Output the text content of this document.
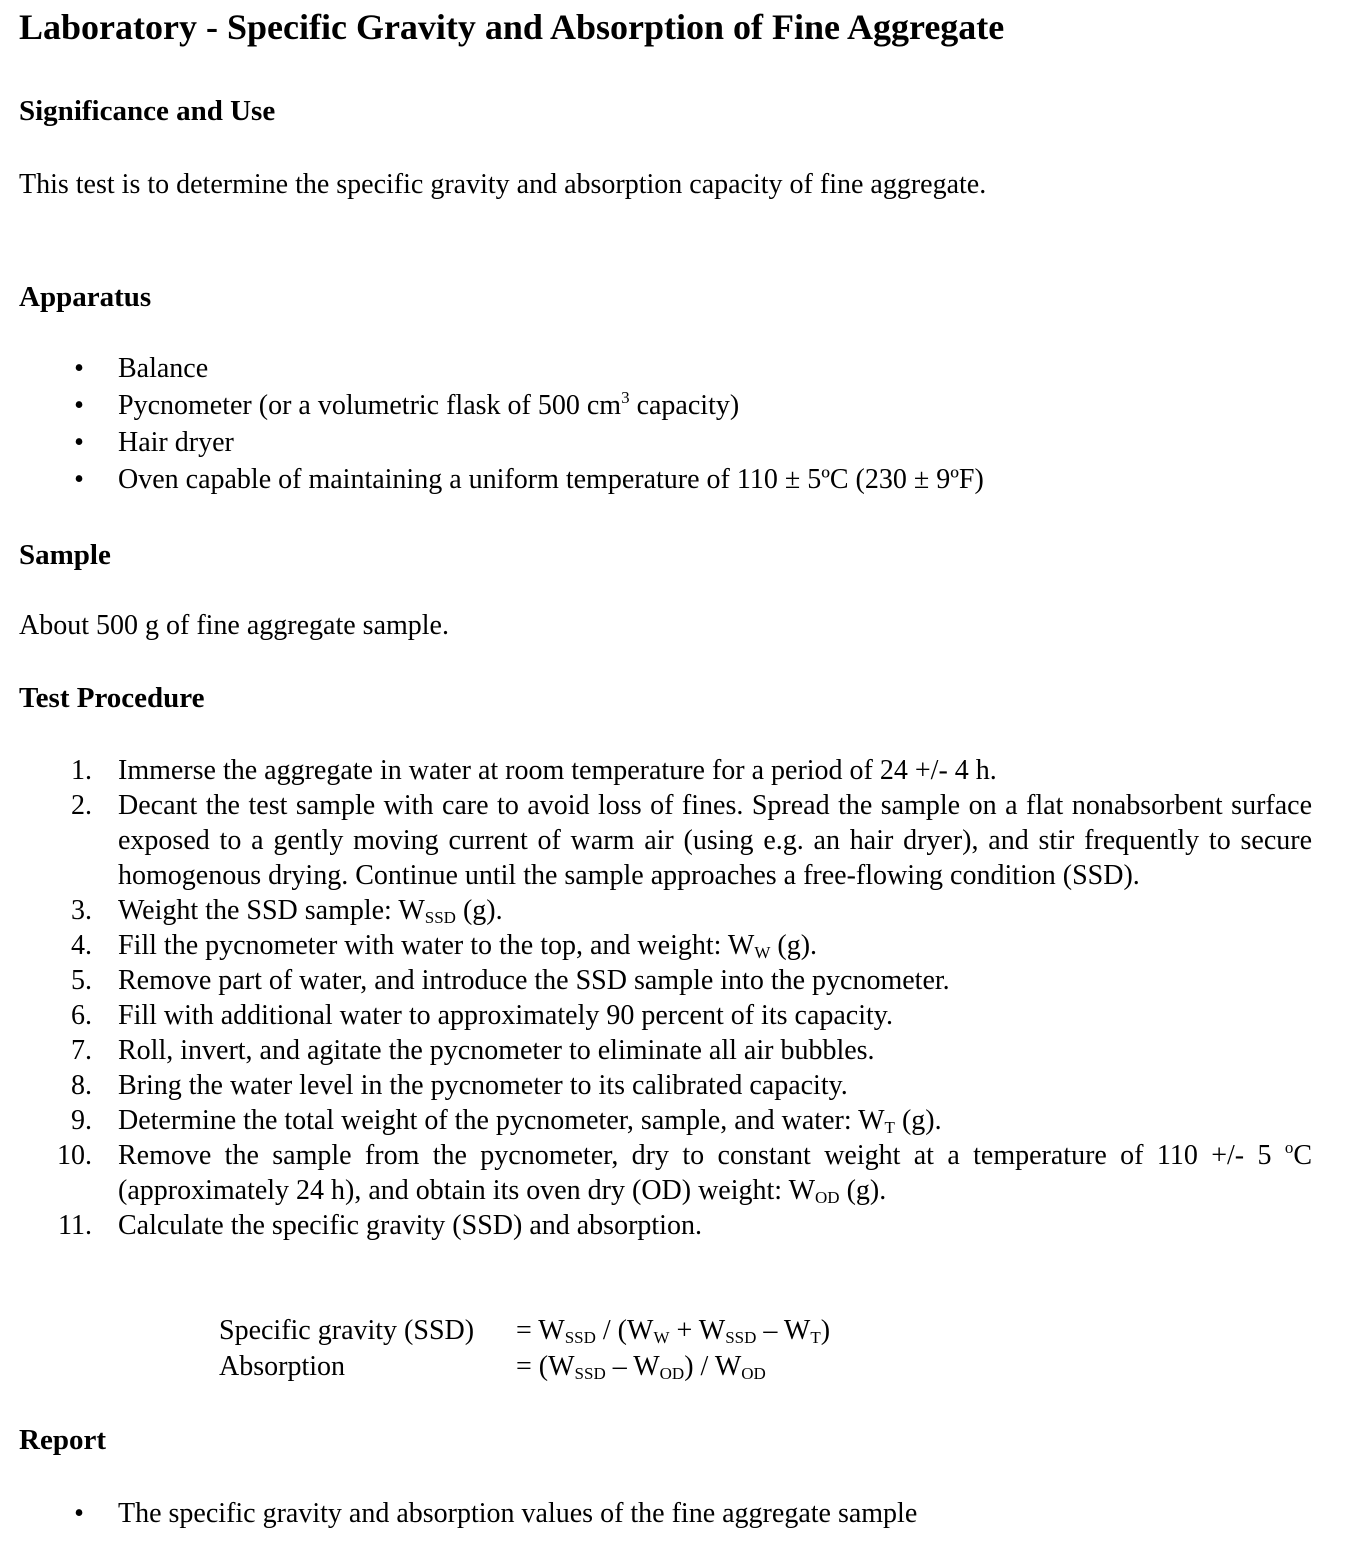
Laboratory - Specific Gravity and Absorption of Fine Aggregate
Significance and Use

This test is to determine the specific gravity and absorption capacity of fine aggregate.

Apparatus
• Balance
• Pycnometer (or a volumetric flask of 500 $cm^3$ capacity)
• Hair dryer
• Oven capable of maintaining a uniform temperature of 110 ± 5ºC (230 ± 9ºF)
Sample

About 500 g of fine aggregate sample.

Test Procedure
1. Immerse the aggregate in water at room temperature for a period of 24 +/- 4 h.
2. Decant the test sample with care to avoid loss of fines. Spread the sample on a flat nonabsorbent surface exposed to a gently moving current of warm air (using e.g. an hair dryer), and stir frequently to secure homogenous drying. Continue until the sample approaches a free-flowing condition (SSD).
3. Weight the SSD sample: $W_{SSD}$ (g).
4. Fill the pycnometer with water to the top, and weight: $W_W$ (g).
5. Remove part of water, and introduce the SSD sample into the pycnometer.
6. Fill with additional water to approximately 90 percent of its capacity.
7. Roll, invert, and agitate the pycnometer to eliminate all air bubbles.
8. Bring the water level in the pycnometer to its calibrated capacity.
9. Determine the total weight of the pycnometer, sample, and water: $W_T$ (g).
10. Remove the sample from the pycnometer, dry to constant weight at a temperature of 110 +/- 5 $^o$C (approximately 24 h), and obtain its oven dry (OD) weight: $W_{OD}$ (g).
11. Calculate the specific gravity (SSD) and absorption.
Specific gravity $(SSD) = W_{SSD} / (W_W + W_{SSD} - W_T)$
Absorption	= $(W_{SSD} - W_{OD}) / W_{OD}$
Report
• The specific gravity and absorption values of the fine aggregate sample
